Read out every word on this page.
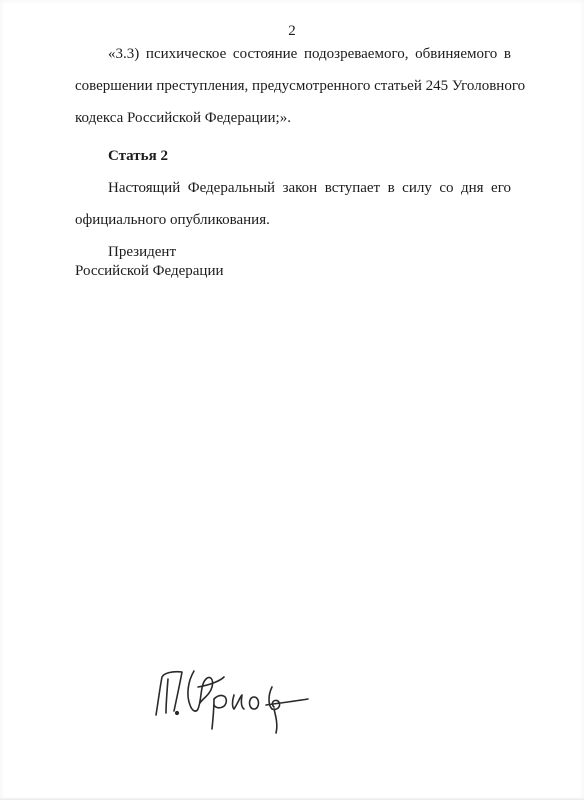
2
«3.3) психическое состояние подозреваемого, обвиняемого в
совершении преступления, предусмотренного статьей 245 Уголовного
кодекса Российской Федерации;».
Статья 2
Настоящий Федеральный закон вступает в силу со дня его
официального опубликования.
Президент
Российской Федерации
